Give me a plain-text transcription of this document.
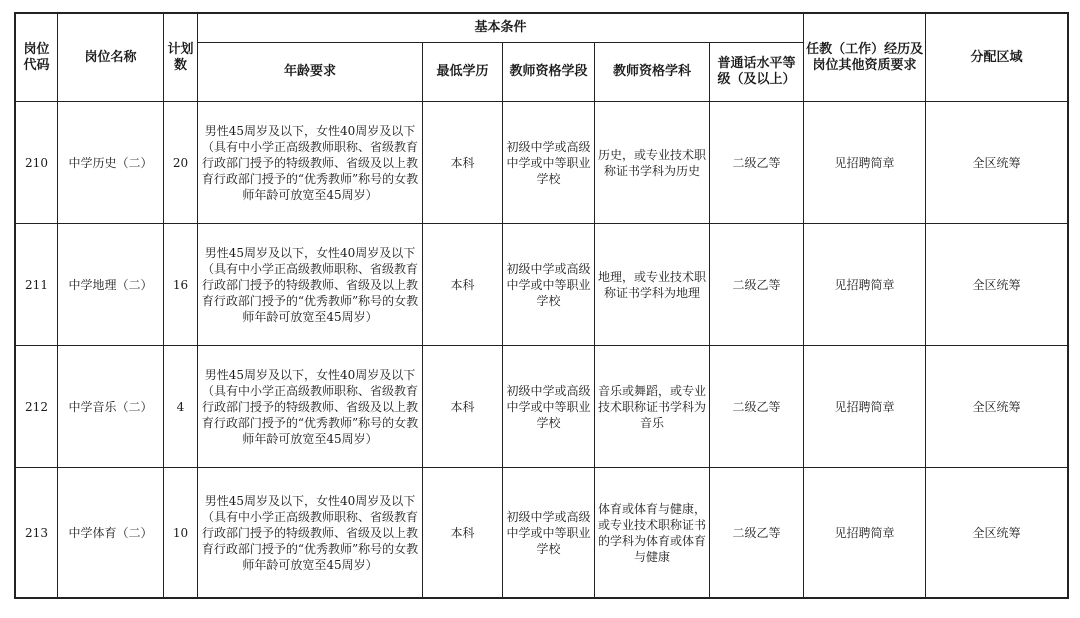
岗位代码	岗位名称	计划数	基本条件					任教（工作）经历及岗位其他资质要求	分配区域
			年龄要求	最低学历	教师资格学段	教师资格学科	普通话水平等级（及以上）		
210	中学历史（二）	20	男性45周岁及以下，女性40周岁及以下（具有中小学正高级教师职称、省级教育行政部门授予的特级教师、省级及以上教育行政部门授予的“优秀教师”称号的女教师年龄可放宽至45周岁）	本科	初级中学或高级中学或中等职业学校	历史，或专业技术职称证书学科为历史	二级乙等	见招聘简章	全区统筹
211	中学地理（二）	16	男性45周岁及以下，女性40周岁及以下（具有中小学正高级教师职称、省级教育行政部门授予的特级教师、省级及以上教育行政部门授予的“优秀教师”称号的女教师年龄可放宽至45周岁）	本科	初级中学或高级中学或中等职业学校	地理，或专业技术职称证书学科为地理	二级乙等	见招聘简章	全区统筹
212	中学音乐（二）	4	男性45周岁及以下，女性40周岁及以下（具有中小学正高级教师职称、省级教育行政部门授予的特级教师、省级及以上教育行政部门授予的“优秀教师”称号的女教师年龄可放宽至45周岁）	本科	初级中学或高级中学或中等职业学校	音乐或舞蹈，或专业技术职称证书学科为音乐	二级乙等	见招聘简章	全区统筹
213	中学体育（二）	10	男性45周岁及以下，女性40周岁及以下（具有中小学正高级教师职称、省级教育行政部门授予的特级教师、省级及以上教育行政部门授予的“优秀教师”称号的女教师年龄可放宽至45周岁）	本科	初级中学或高级中学或中等职业学校	体育或体育与健康，或专业技术职称证书的学科为体育或体育与健康	二级乙等	见招聘简章	全区统筹
